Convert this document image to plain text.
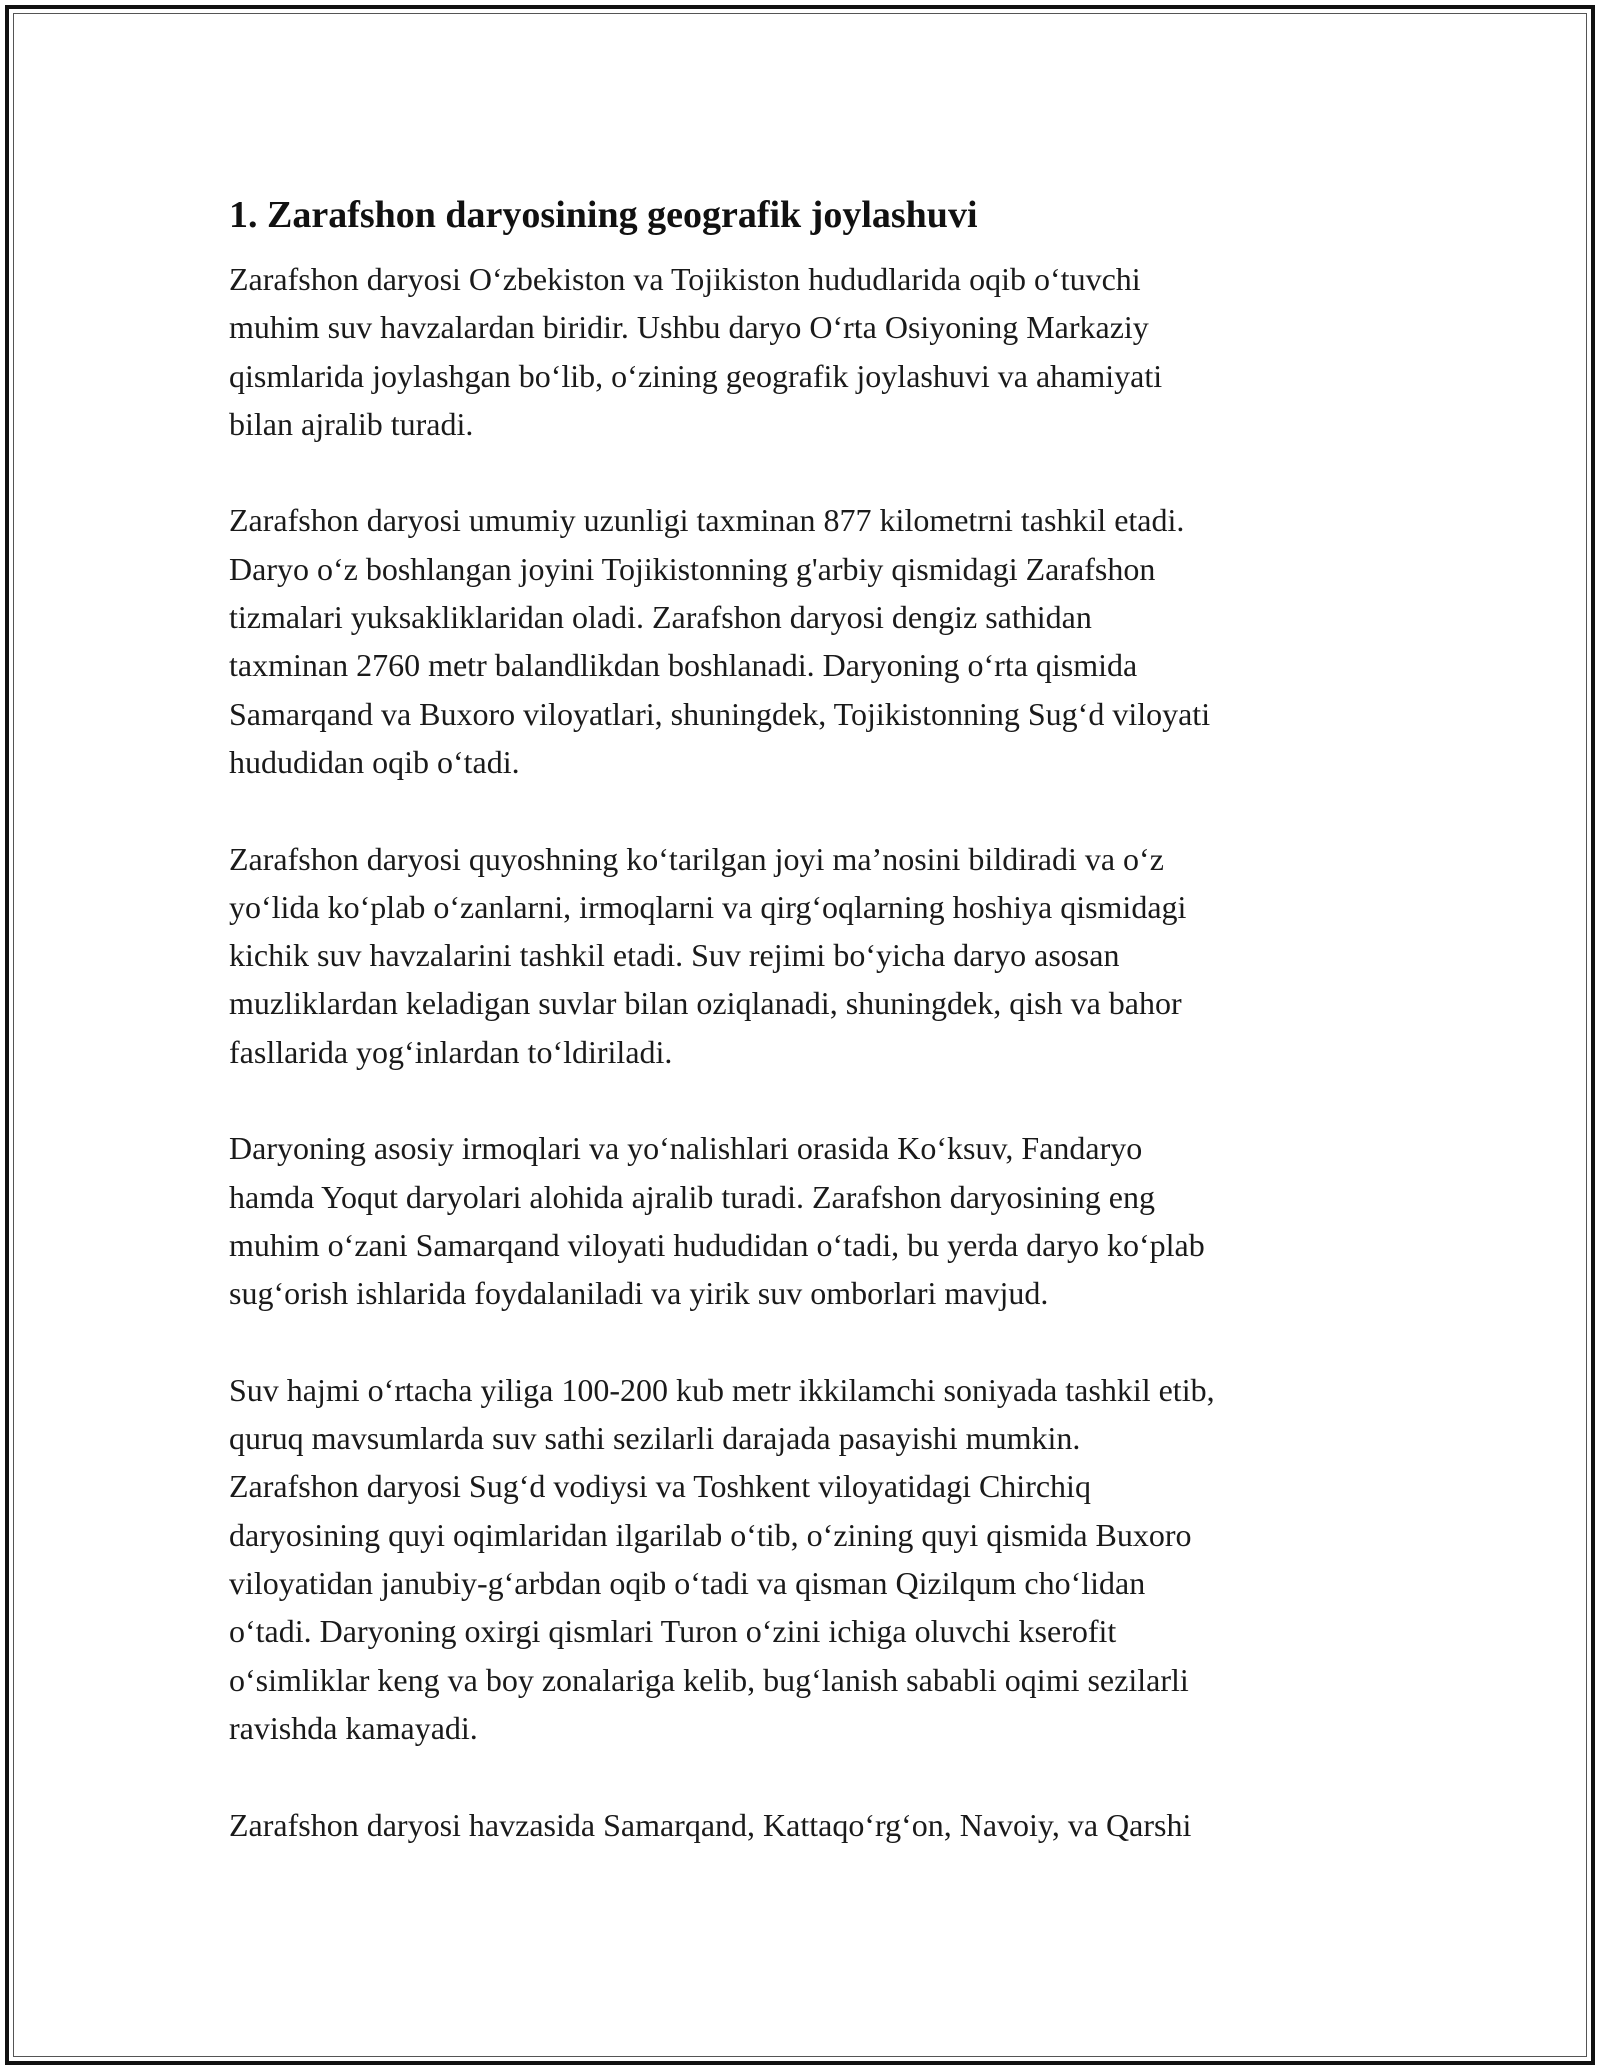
1. Zarafshon daryosining geografik joylashuvi

Zarafshon daryosi O‘zbekiston va Tojikiston hududlarida oqib o‘tuvchi
muhim suv havzalardan biridir. Ushbu daryo O‘rta Osiyoning Markaziy
qismlarida joylashgan bo‘lib, o‘zining geografik joylashuvi va ahamiyati
bilan ajralib turadi.

Zarafshon daryosi umumiy uzunligi taxminan 877 kilometrni tashkil etadi.
Daryo o‘z boshlangan joyini Tojikistonning g'arbiy qismidagi Zarafshon
tizmalari yuksakliklaridan oladi. Zarafshon daryosi dengiz sathidan
taxminan 2760 metr balandlikdan boshlanadi. Daryoning o‘rta qismida
Samarqand va Buxoro viloyatlari, shuningdek, Tojikistonning Sug‘d viloyati
hududidan oqib o‘tadi.

Zarafshon daryosi quyoshning ko‘tarilgan joyi ma’nosini bildiradi va o‘z
yo‘lida ko‘plab o‘zanlarni, irmoqlarni va qirg‘oqlarning hoshiya qismidagi
kichik suv havzalarini tashkil etadi. Suv rejimi bo‘yicha daryo asosan
muzliklardan keladigan suvlar bilan oziqlanadi, shuningdek, qish va bahor
fasllarida yog‘inlardan to‘ldiriladi.

Daryoning asosiy irmoqlari va yo‘nalishlari orasida Ko‘ksuv, Fandaryo
hamda Yoqut daryolari alohida ajralib turadi. Zarafshon daryosining eng
muhim o‘zani Samarqand viloyati hududidan o‘tadi, bu yerda daryo ko‘plab
sug‘orish ishlarida foydalaniladi va yirik suv omborlari mavjud.

Suv hajmi o‘rtacha yiliga 100-200 kub metr ikkilamchi soniyada tashkil etib,
quruq mavsumlarda suv sathi sezilarli darajada pasayishi mumkin.
Zarafshon daryosi Sug‘d vodiysi va Toshkent viloyatidagi Chirchiq
daryosining quyi oqimlaridan ilgarilab o‘tib, o‘zining quyi qismida Buxoro
viloyatidan janubiy-g‘arbdan oqib o‘tadi va qisman Qizilqum cho‘lidan
o‘tadi. Daryoning oxirgi qismlari Turon o‘zini ichiga oluvchi kserofit
o‘simliklar keng va boy zonalariga kelib, bug‘lanish sababli oqimi sezilarli
ravishda kamayadi.

Zarafshon daryosi havzasida Samarqand, Kattaqo‘rg‘on, Navoiy, va Qarshi
